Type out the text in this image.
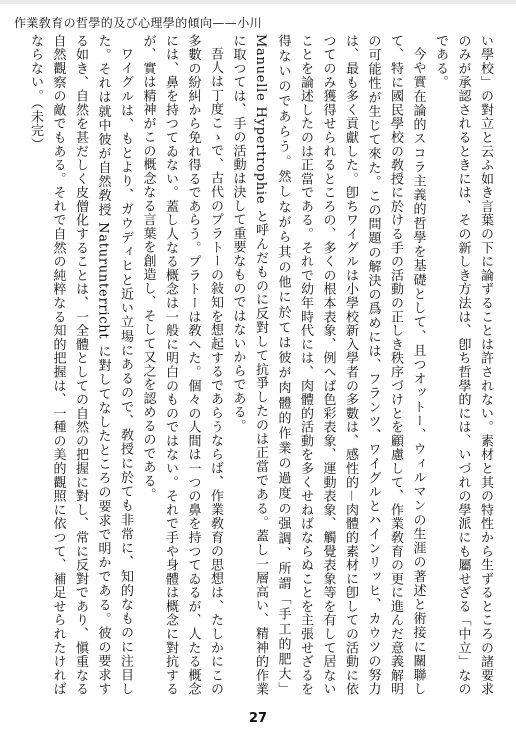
作業敎育の哲學的及び心理學的傾向——小川

い學校」の對立と云ふ如き言葉の下に論ずることは許されない。素材と其の特性から生ずるところの諸要求のみが承認されるときには、その新しき方法は、卽ち哲學的には、いづれの學派にも屬せざる「中立」なのである。

今や實在論的スコラ主義的哲學を基礎として、且つオットー、ウィルマンの生涯の著述と術接に關聯して、特に國民學校の敎授に於ける手の活動の正しき秩序づけとを顧慮して、作業敎育の更に進んだ意義解明の可能性が生じて來た。この問題の解決の爲めには、フランツ、ワイグルとハインリッヒ、カウツの努力は、最も多く貢獻した。卽ちワイグルは小學校新入學者の多數は、感性的－肉體的素材に卽しての活動に依つてのみ獲得せられるところの、多くの根本表象、例へば色彩表象、運動表象、觸覺表象等を有して居ないことを論述したのは正當である。それで幼年時代には、肉體的活動を多くせねばならぬことを主張せざるを得ないのであらう。然しながら其の他に於ては彼が肉體的作業の過度の强調、所謂「手工的肥大」Manuelle Hypertrophie と呼んだものに反對して抗爭したのは正當である。蓋し一層高い、精神的作業に取つては、手の活動は決して重要なものではないからである。

吾人は丁度こゝで、古代のプラトーの敍知を想起するであらうならば、作業敎育の思想は、たしかにこの多數の紛糾から免れ得るであらう。プラトーは敎へた。個々の人間は一つの鼻を持つてゐるが、人たる概念には、鼻を持つてゐない。蓋し人なる概念は一般に明白のものではない。それで手や身體は概念に對抗するが、實は精神がこの概念なる言葉を創造し、そして又之を認めるのである。

ワイグルは、もとより、ガウディヒと近い立場にあるので、敎授に於ても非常に、知的なものに注目した。それは就中彼が自然敎授 Naturunterricht に對してなしたところの要求で明かである。彼の要求する如き、自然を甚だしく皮僧化することは、一全體としての自然の把握に對し、常に反對であり、愼重なる自然觀察の敵でもある。それで自然の純粹なる知的把握は、一種の美的觀照に依つて、補足せられたければならない。（未完）

27
